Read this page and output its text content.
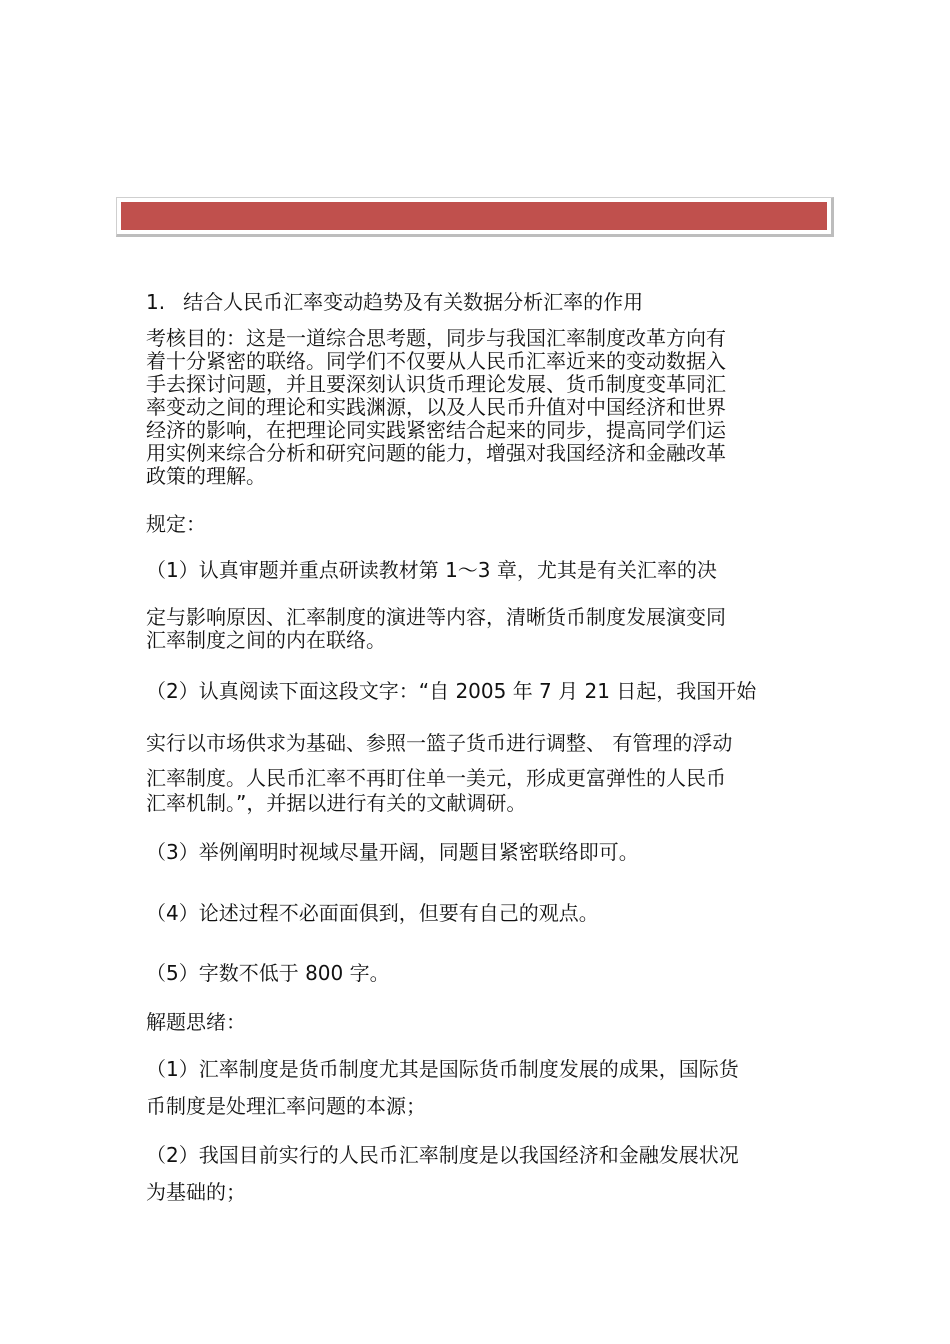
1. 结合人民币汇率变动趋势及有关数据分析汇率的作用

考核目的：这是一道综合思考题，同步与我国汇率制度改革方向有

着十分紧密的联络。同学们不仅要从人民币汇率近来的变动数据入

手去探讨问题，并且要深刻认识货币理论发展、货币制度变革同汇

率变动之间的理论和实践渊源，以及人民币升值对中国经济和世界

经济的影响，在把理论同实践紧密结合起来的同步，提高同学们运

用实例来综合分析和研究问题的能力，增强对我国经济和金融改革

政策的理解。

规定：

（1）认真审题并重点研读教材第 1～3 章，尤其是有关汇率的决

定与影响原因、汇率制度的演进等内容，清晰货币制度发展演变同

汇率制度之间的内在联络。

（2）认真阅读下面这段文字：“自 2005 年 7 月 21 日起，我国开始

实行以市场供求为基础、参照一篮子货币进行调整、 有管理的浮动

汇率制度。人民币汇率不再盯住单一美元，形成更富弹性的人民币

汇率机制。”，并据以进行有关的文献调研。

（3）举例阐明时视域尽量开阔，同题目紧密联络即可。

（4）论述过程不必面面俱到，但要有自己的观点。

（5）字数不低于 800 字。

解题思绪：

（1）汇率制度是货币制度尤其是国际货币制度发展的成果，国际货

币制度是处理汇率问题的本源；

（2）我国目前实行的人民币汇率制度是以我国经济和金融发展状况

为基础的；
